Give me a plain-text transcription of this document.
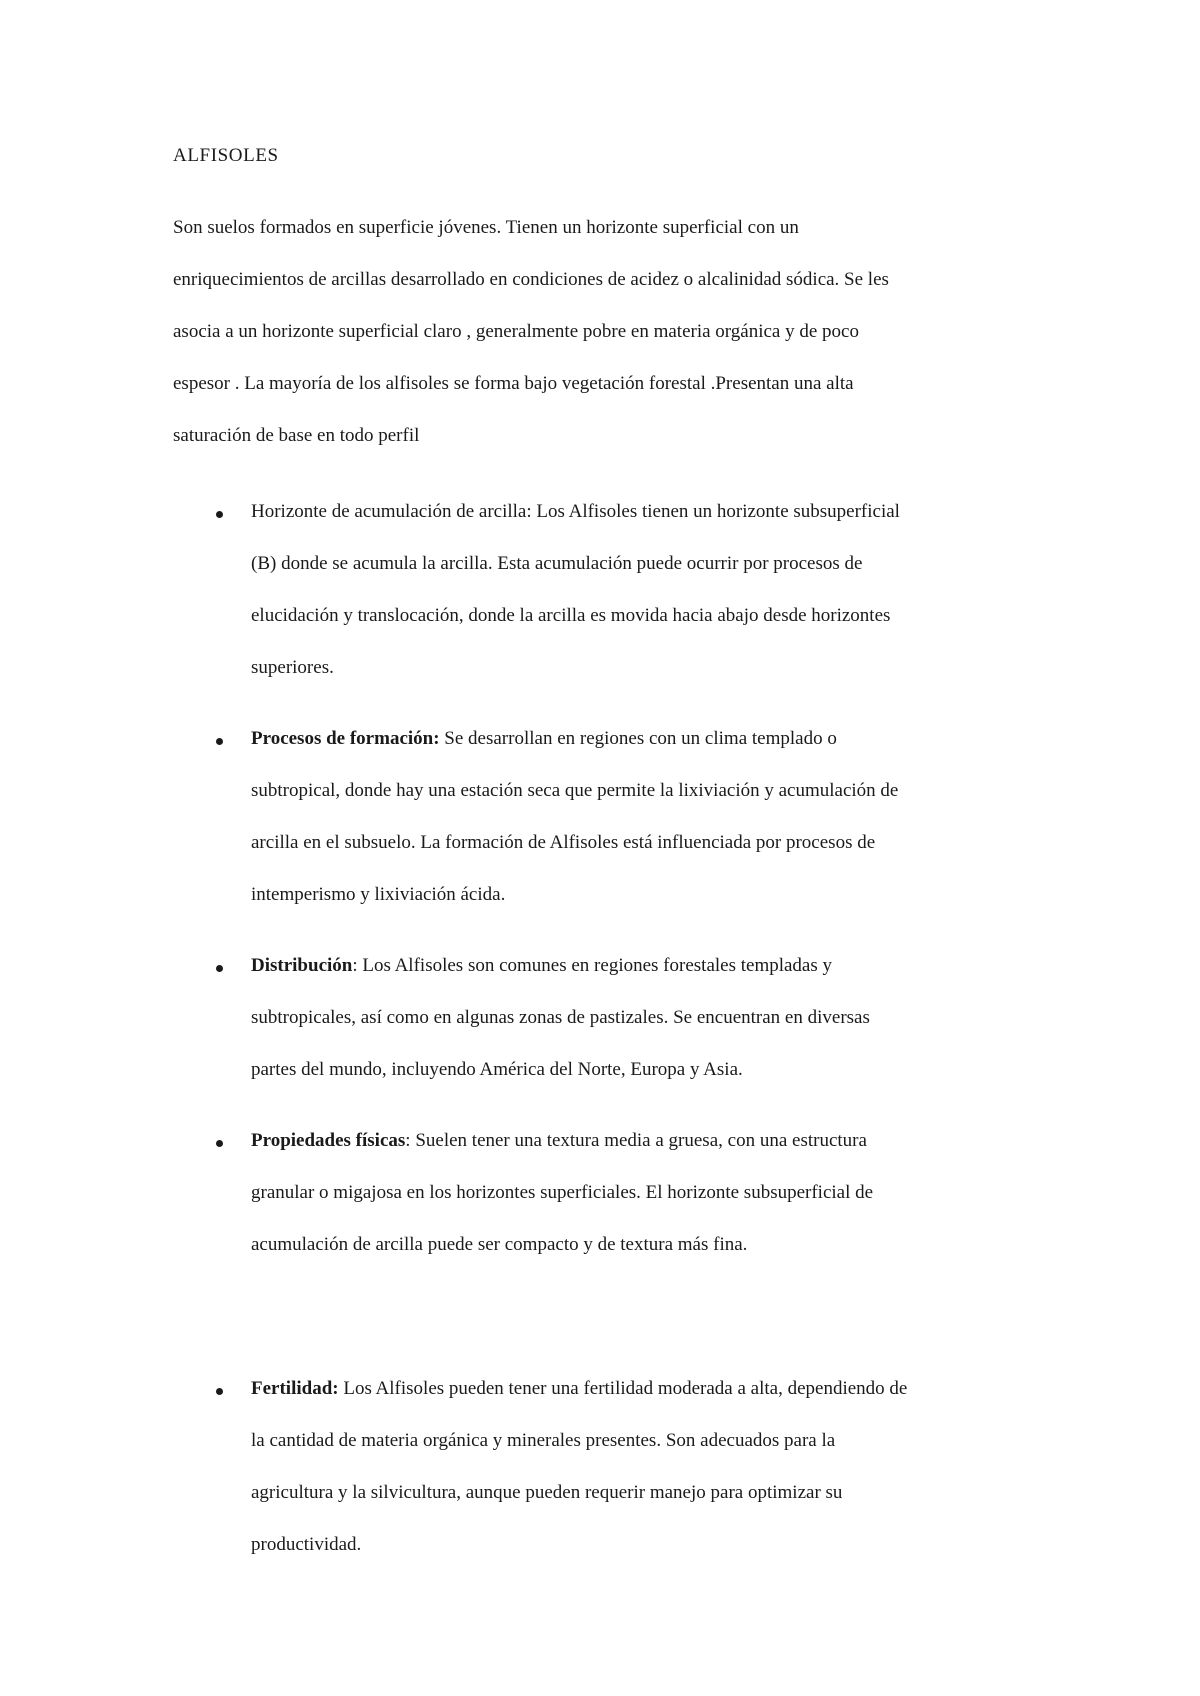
ALFISOLES
Son suelos formados en superficie jóvenes. Tienen un horizonte superficial con un
enriquecimientos de arcillas desarrollado en condiciones de acidez o alcalinidad sódica. Se les
asocia a un horizonte superficial claro , generalmente pobre en materia orgánica y de poco
espesor . La mayoría de los alfisoles se forma bajo vegetación forestal .Presentan una alta
saturación de base en todo perfil
Horizonte de acumulación de arcilla: Los Alfisoles tienen un horizonte subsuperficial
(B) donde se acumula la arcilla. Esta acumulación puede ocurrir por procesos de
elucidación y translocación, donde la arcilla es movida hacia abajo desde horizontes
superiores.
Procesos de formación: Se desarrollan en regiones con un clima templado o
subtropical, donde hay una estación seca que permite la lixiviación y acumulación de
arcilla en el subsuelo. La formación de Alfisoles está influenciada por procesos de
intemperismo y lixiviación ácida.
Distribución: Los Alfisoles son comunes en regiones forestales templadas y
subtropicales, así como en algunas zonas de pastizales. Se encuentran en diversas
partes del mundo, incluyendo América del Norte, Europa y Asia.
Propiedades físicas: Suelen tener una textura media a gruesa, con una estructura
granular o migajosa en los horizontes superficiales. El horizonte subsuperficial de
acumulación de arcilla puede ser compacto y de textura más fina.
Fertilidad: Los Alfisoles pueden tener una fertilidad moderada a alta, dependiendo de
la cantidad de materia orgánica y minerales presentes. Son adecuados para la
agricultura y la silvicultura, aunque pueden requerir manejo para optimizar su
productividad.
